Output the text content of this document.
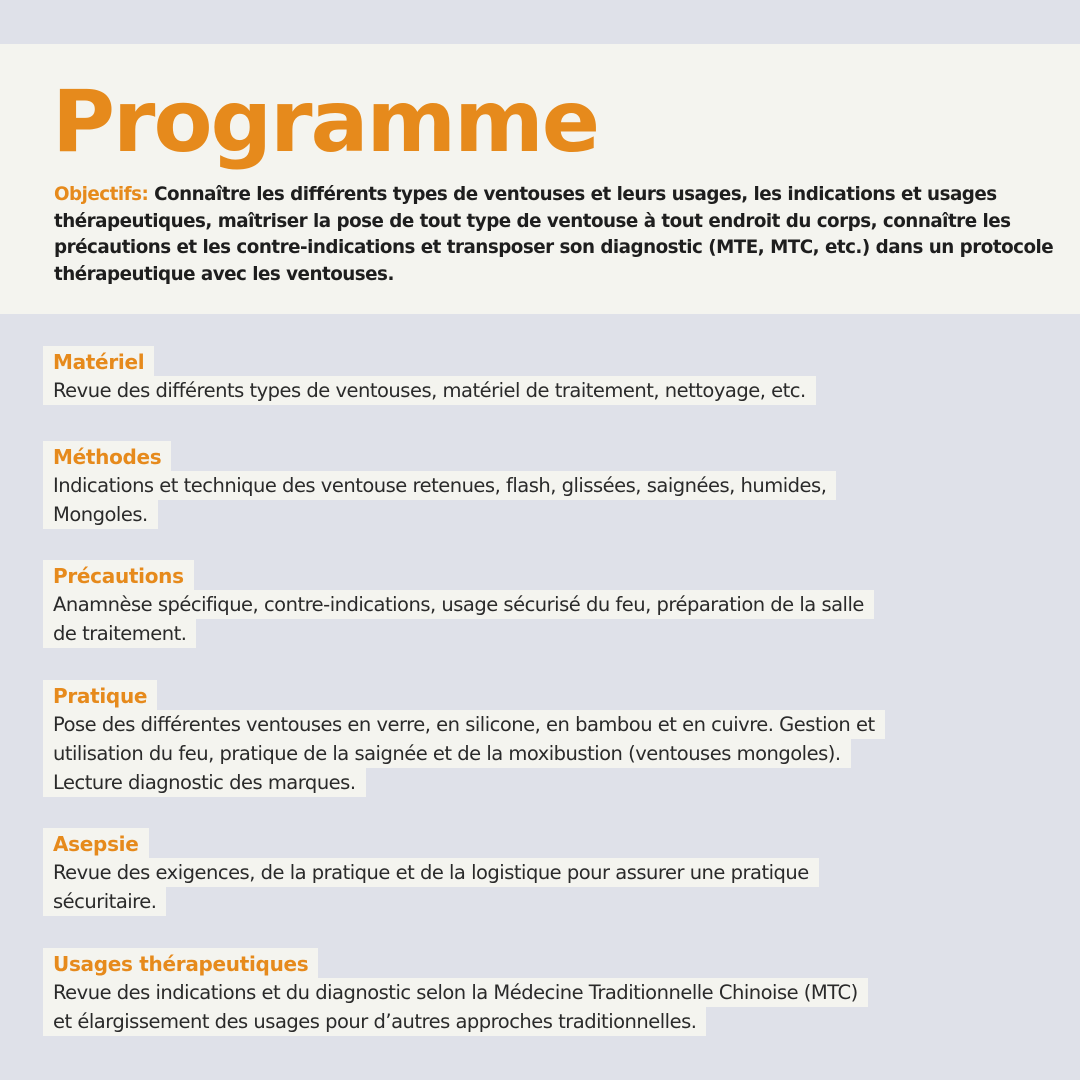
Programme

Objectifs: Connaître les différents types de ventouses et leurs usages, les indications et usages thérapeutiques, maîtriser la pose de tout type de ventouse à tout endroit du corps, connaître les précautions et les contre-indications et transposer son diagnostic (MTE, MTC, etc.) dans un protocole thérapeutique avec les ventouses.

Matériel
Revue des différents types de ventouses, matériel de traitement, nettoyage, etc.
Méthodes
Indications et technique des ventouse retenues, flash, glissées, saignées, humides,
Mongoles.
Précautions
Anamnèse spécifique, contre-indications, usage sécurisé du feu, préparation de la salle
de traitement.
Pratique
Pose des différentes ventouses en verre, en silicone, en bambou et en cuivre. Gestion et
utilisation du feu, pratique de la saignée et de la moxibustion (ventouses mongoles).
Lecture diagnostic des marques.
Asepsie
Revue des exigences, de la pratique et de la logistique pour assurer une pratique
sécuritaire.
Usages thérapeutiques
Revue des indications et du diagnostic selon la Médecine Traditionnelle Chinoise (MTC)
et élargissement des usages pour d’autres approches traditionnelles.
